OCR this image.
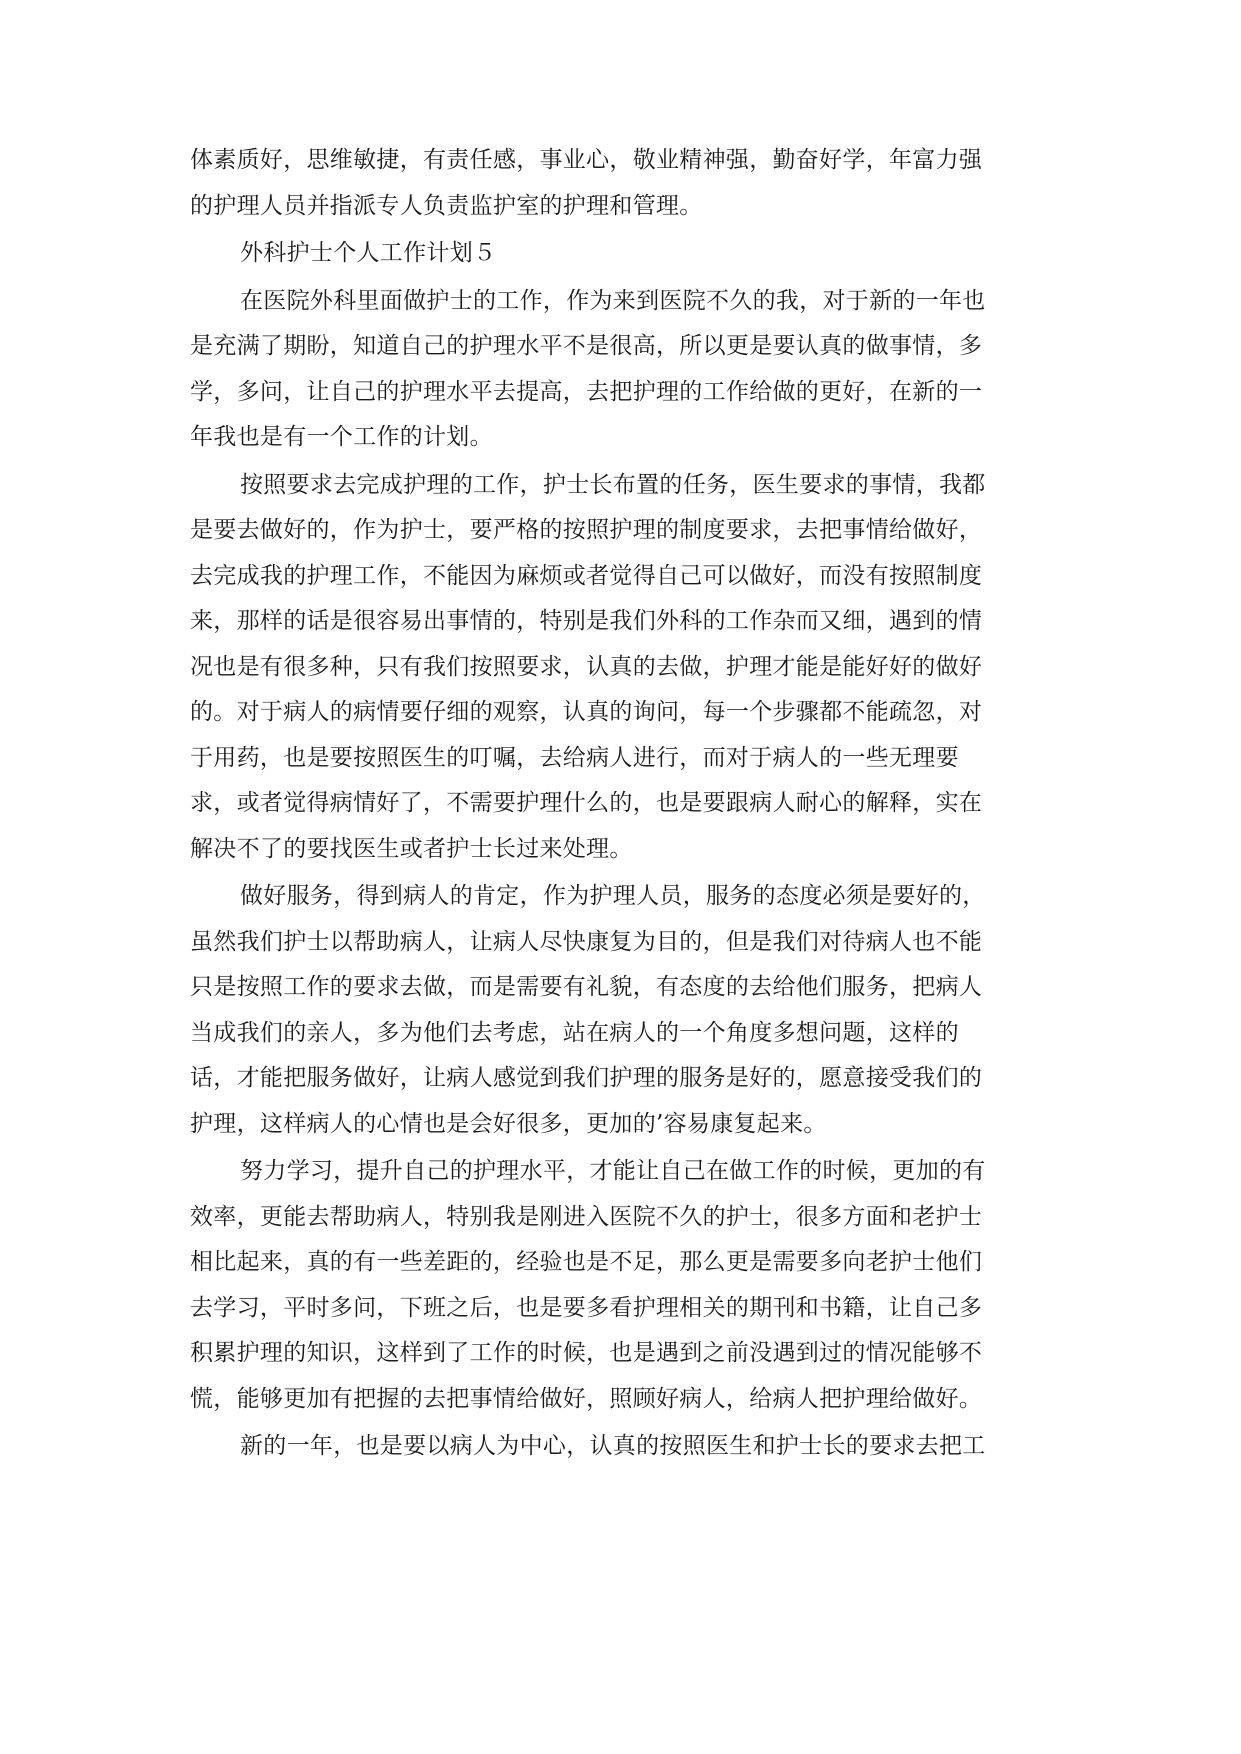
体素质好，思维敏捷，有责任感，事业心，敬业精神强，勤奋好学，年富力强
的护理人员并指派专人负责监护室的护理和管理。
外科护士个人工作计划５
在医院外科里面做护士的工作，作为来到医院不久的我，对于新的一年也
是充满了期盼，知道自己的护理水平不是很高，所以更是要认真的做事情，多
学，多问，让自己的护理水平去提高，去把护理的工作给做的更好，在新的一
年我也是有一个工作的计划。
按照要求去完成护理的工作，护士长布置的任务，医生要求的事情，我都
是要去做好的，作为护士，要严格的按照护理的制度要求，去把事情给做好，
去完成我的护理工作，不能因为麻烦或者觉得自己可以做好，而没有按照制度
来，那样的话是很容易出事情的，特别是我们外科的工作杂而又细，遇到的情
况也是有很多种，只有我们按照要求，认真的去做，护理才能是能好好的做好
的。对于病人的病情要仔细的观察，认真的询问，每一个步骤都不能疏忽，对
于用药，也是要按照医生的叮嘱，去给病人进行，而对于病人的一些无理要
求，或者觉得病情好了，不需要护理什么的，也是要跟病人耐心的解释，实在
解决不了的要找医生或者护士长过来处理。
做好服务，得到病人的肯定，作为护理人员，服务的态度必须是要好的，
虽然我们护士以帮助病人，让病人尽快康复为目的，但是我们对待病人也不能
只是按照工作的要求去做，而是需要有礼貌，有态度的去给他们服务，把病人
当成我们的亲人，多为他们去考虑，站在病人的一个角度多想问题，这样的
话，才能把服务做好，让病人感觉到我们护理的服务是好的，愿意接受我们的
护理，这样病人的心情也是会好很多，更加的’容易康复起来。
努力学习，提升自己的护理水平，才能让自己在做工作的时候，更加的有
效率，更能去帮助病人，特别我是刚进入医院不久的护士，很多方面和老护士
相比起来，真的有一些差距的，经验也是不足，那么更是需要多向老护士他们
去学习，平时多问，下班之后，也是要多看护理相关的期刊和书籍，让自己多
积累护理的知识，这样到了工作的时候，也是遇到之前没遇到过的情况能够不
慌，能够更加有把握的去把事情给做好，照顾好病人，给病人把护理给做好。
新的一年，也是要以病人为中心，认真的按照医生和护士长的要求去把工
